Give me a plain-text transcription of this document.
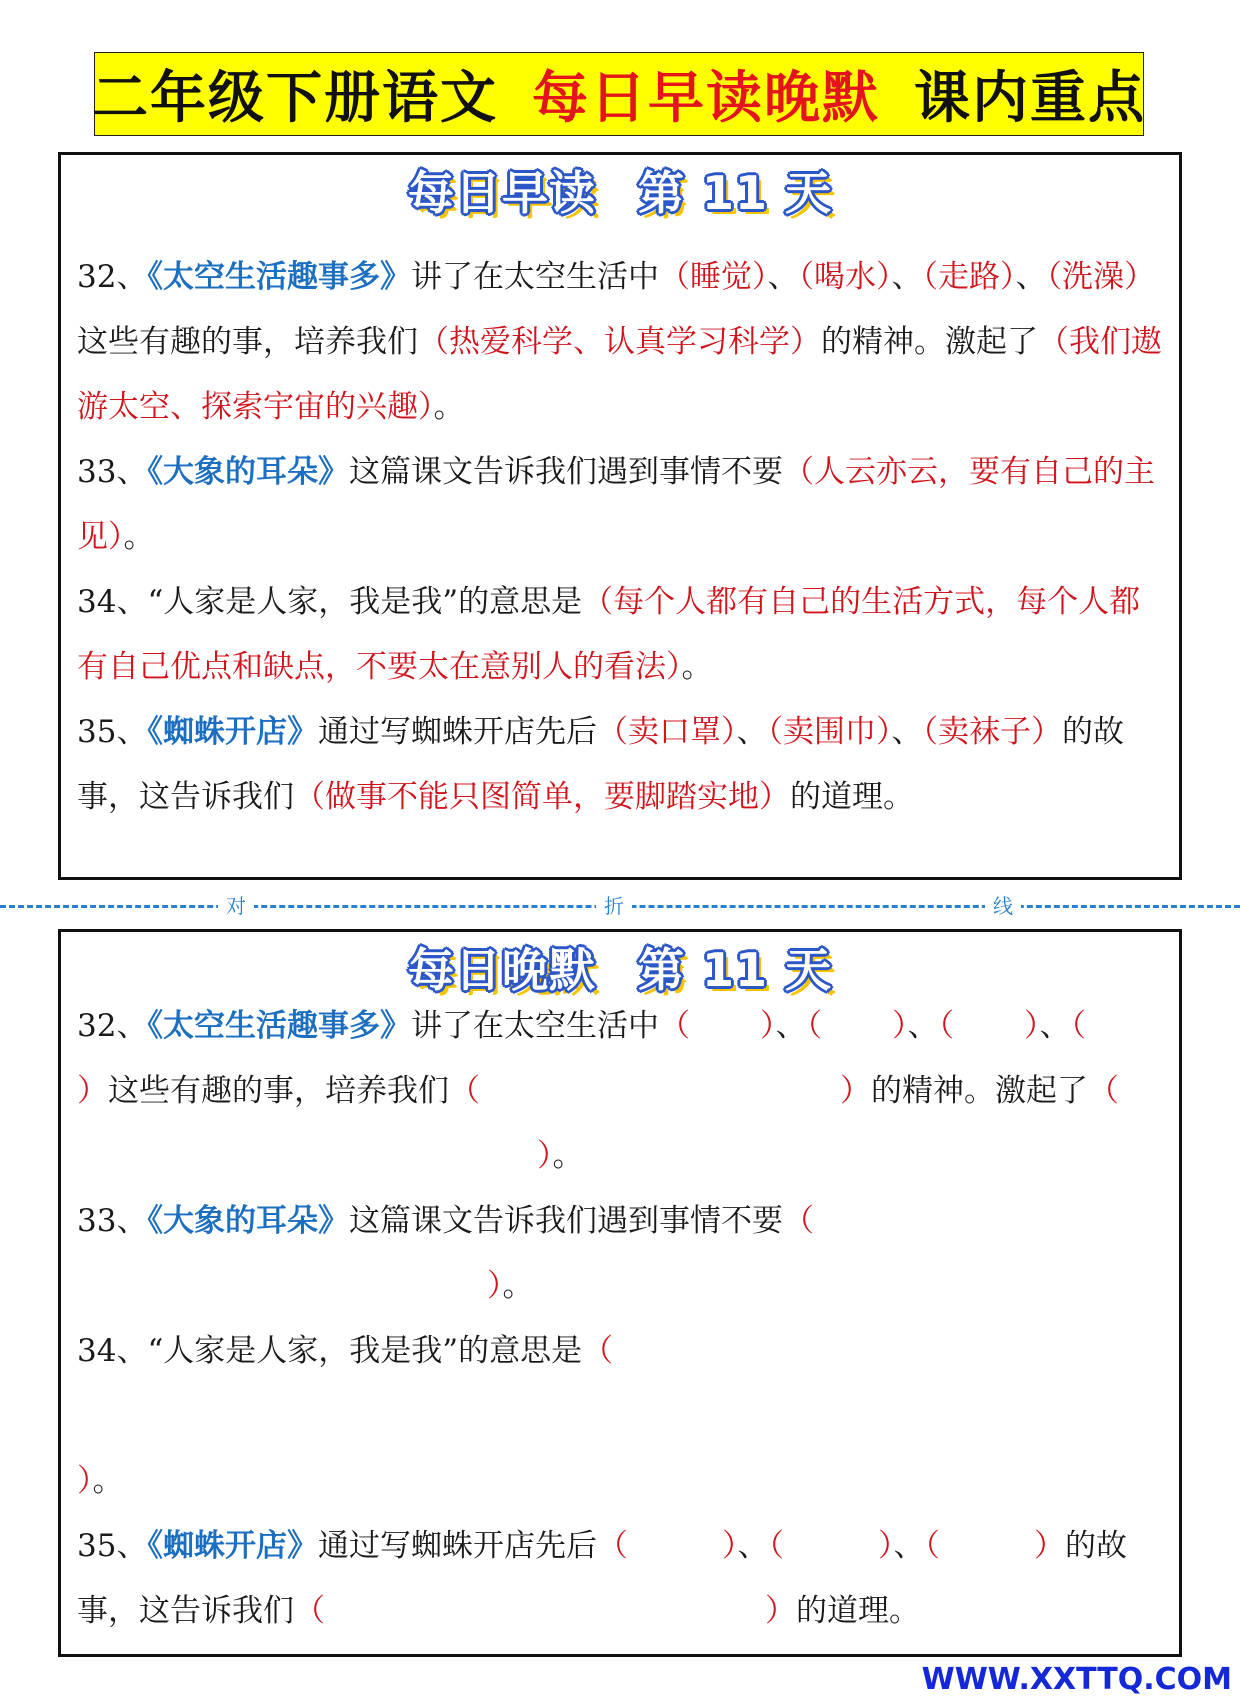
二年级下册语文 每日早读晚默 课内重点
每日早读 第 11 天

32、《太空生活趣事多》讲了在太空生活中（睡觉）、（喝水）、（走路）、（洗澡）这些有趣的事，培养我们（热爱科学、认真学习科学）的精神。激起了（我们遨游太空、探索宇宙的兴趣）。

33、《大象的耳朵》这篇课文告诉我们遇到事情不要（人云亦云，要有自己的主见）。

34、“人家是人家，我是我”的意思是（每个人都有自己的生活方式，每个人都有自己优点和缺点，不要太在意别人的看法）。

35、《蜘蛛开店》通过写蜘蛛开店先后（卖口罩）、（卖围巾）、（卖袜子）的故事，这告诉我们（做事不能只图简单，要脚踏实地）的道理。

对	折	线
每日晚默 第 11 天

32、《太空生活趣事多》讲了在太空生活中（ ）、（ ）、（ ）、（）这些有趣的事，培养我们（	）的精神。激起了（）。

33、《大象的耳朵》这篇课文告诉我们遇到事情不要（）。

34、“人家是人家，我是我”的意思是（）。

35、《蜘蛛开店》通过写蜘蛛开店先后（	）、（	）、（	）的故事，这告诉我们（	）的道理。

WWW.XXTTQ.COM
